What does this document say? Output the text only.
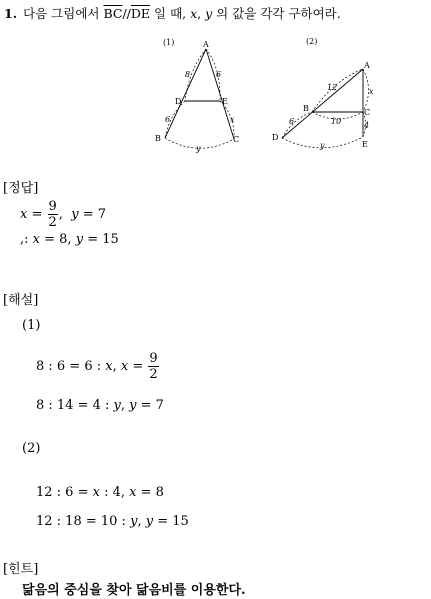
1. 다음 그림에서 $\overline{BC}//\overline{DE}$ 일 때, x, y 의 값을 각각 구하여라.
(1)	A
D	E
B	C
8	6
6	x
y
(2)
A
B	C
D
E
12	x
10	4
6
y
[정답]
$x = \frac{9}{2}$ ,  y = 7
,: x = 8, y = 15
[해설]
(1)
8 : 6 = 6 : x, $x = \frac{9}{2}$
8 : 14 = 4 : y, y = 7
(2)
12 : 6 = x : 4, x = 8
12 : 18 = 10 : y, y = 15
[힌트]
닮음의 중심을 찾아 닮음비를 이용한다.
